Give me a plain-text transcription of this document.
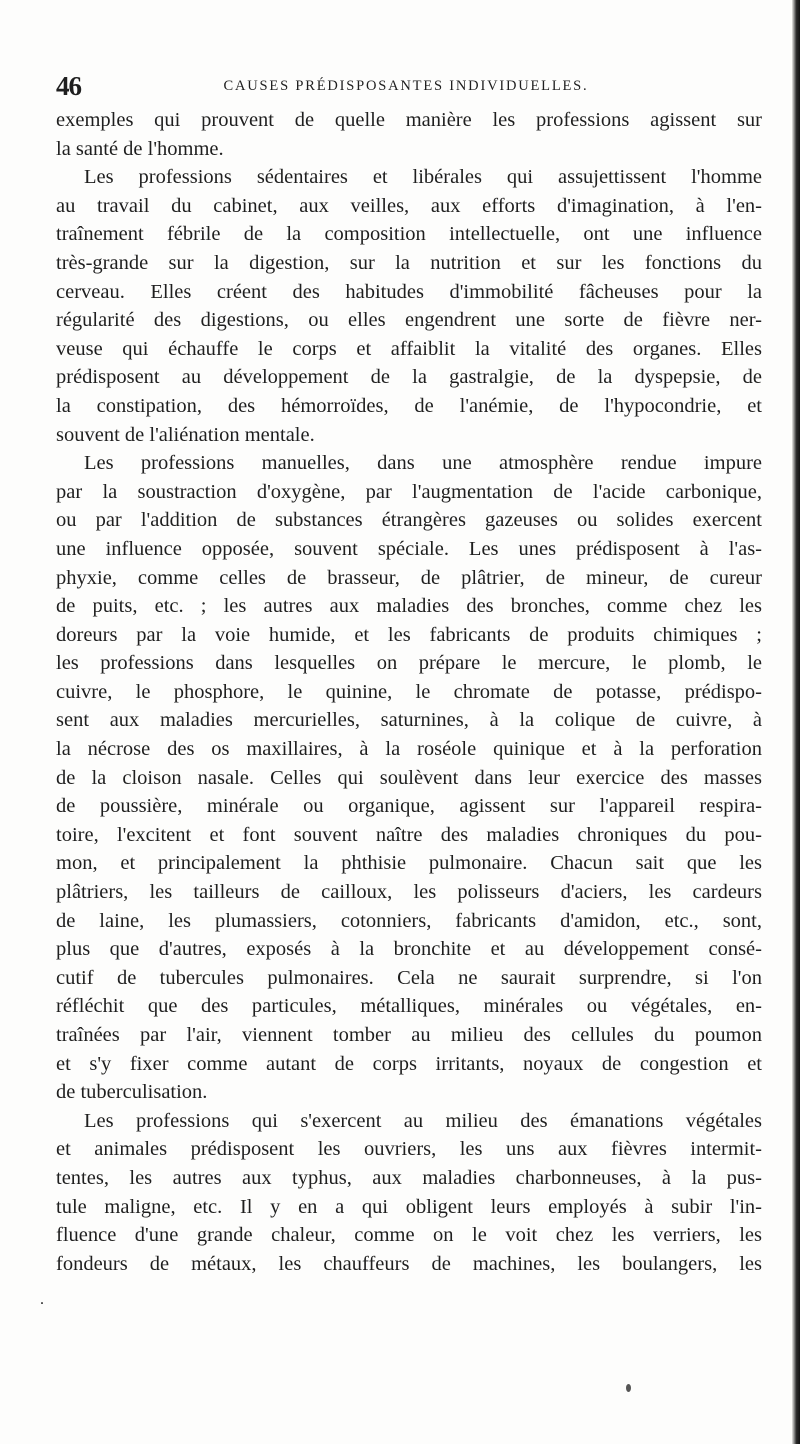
46	CAUSES PRÉDISPOSANTES INDIVIDUELLES.
exemples qui prouvent de quelle manière les professions agissent sur
la santé de l'homme.
Les professions sédentaires et libérales qui assujettissent l'homme
au travail du cabinet, aux veilles, aux efforts d'imagination, à l'en-
traînement fébrile de la composition intellectuelle, ont une influence
très-grande sur la digestion, sur la nutrition et sur les fonctions du
cerveau. Elles créent des habitudes d'immobilité fâcheuses pour la
régularité des digestions, ou elles engendrent une sorte de fièvre ner-
veuse qui échauffe le corps et affaiblit la vitalité des organes. Elles
prédisposent au développement de la gastralgie, de la dyspepsie, de
la constipation, des hémorroïdes, de l'anémie, de l'hypocondrie, et
souvent de l'aliénation mentale.
Les professions manuelles, dans une atmosphère rendue impure
par la soustraction d'oxygène, par l'augmentation de l'acide carbonique,
ou par l'addition de substances étrangères gazeuses ou solides exercent
une influence opposée, souvent spéciale. Les unes prédisposent à l'as-
phyxie, comme celles de brasseur, de plâtrier, de mineur, de cureur
de puits, etc. ; les autres aux maladies des bronches, comme chez les
doreurs par la voie humide, et les fabricants de produits chimiques ;
les professions dans lesquelles on prépare le mercure, le plomb, le
cuivre, le phosphore, le quinine, le chromate de potasse, prédispo-
sent aux maladies mercurielles, saturnines, à la colique de cuivre, à
la nécrose des os maxillaires, à la roséole quinique et à la perforation
de la cloison nasale. Celles qui soulèvent dans leur exercice des masses
de poussière, minérale ou organique, agissent sur l'appareil respira-
toire, l'excitent et font souvent naître des maladies chroniques du pou-
mon, et principalement la phthisie pulmonaire. Chacun sait que les
plâtriers, les tailleurs de cailloux, les polisseurs d'aciers, les cardeurs
de laine, les plumassiers, cotonniers, fabricants d'amidon, etc., sont,
plus que d'autres, exposés à la bronchite et au développement consé-
cutif de tubercules pulmonaires. Cela ne saurait surprendre, si l'on
réfléchit que des particules, métalliques, minérales ou végétales, en-
traînées par l'air, viennent tomber au milieu des cellules du poumon
et s'y fixer comme autant de corps irritants, noyaux de congestion et
de tuberculisation.
Les professions qui s'exercent au milieu des émanations végétales
et animales prédisposent les ouvriers, les uns aux fièvres intermit-
tentes, les autres aux typhus, aux maladies charbonneuses, à la pus-
tule maligne, etc. Il y en a qui obligent leurs employés à subir l'in-
fluence d'une grande chaleur, comme on le voit chez les verriers, les
fondeurs de métaux, les chauffeurs de machines, les boulangers, les
.
